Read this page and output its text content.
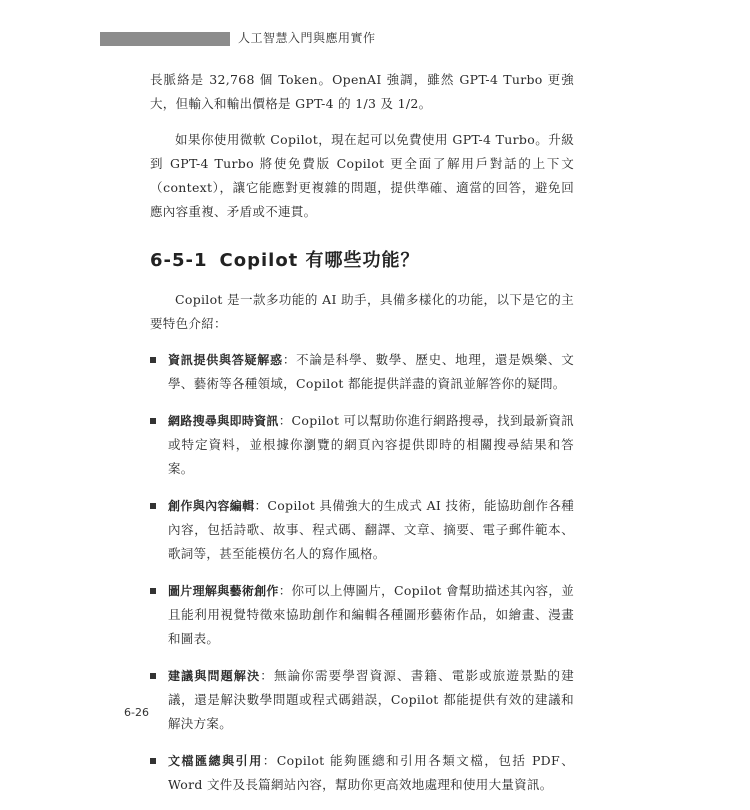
人工智慧入門與應用實作

長脈絡是 32,768 個 Token。OpenAI 強調，雖然 GPT-4 Turbo 更強大，但輸入和輸出價格是 GPT-4 的 1/3 及 1/2。

如果你使用微軟 Copilot，現在起可以免費使用 GPT-4 Turbo。升級到 GPT-4 Turbo 將使免費版 Copilot 更全面了解用戶對話的上下文（context），讓它能應對更複雜的問題，提供準確、適當的回答，避免回應內容重複、矛盾或不連貫。

6-5-1 Copilot 有哪些功能？

Copilot 是一款多功能的 AI 助手，具備多樣化的功能，以下是它的主要特色介紹：

資訊提供與答疑解惑：不論是科學、數學、歷史、地理，還是娛樂、文學、藝術等各種領域，Copilot 都能提供詳盡的資訊並解答你的疑問。
網路搜尋與即時資訊：Copilot 可以幫助你進行網路搜尋，找到最新資訊或特定資料，並根據你瀏覽的網頁內容提供即時的相關搜尋結果和答案。
創作與內容編輯：Copilot 具備強大的生成式 AI 技術，能協助創作各種內容，包括詩歌、故事、程式碼、翻譯、文章、摘要、電子郵件範本、歌詞等，甚至能模仿名人的寫作風格。
圖片理解與藝術創作：你可以上傳圖片，Copilot 會幫助描述其內容，並且能利用視覺特徵來協助創作和編輯各種圖形藝術作品，如繪畫、漫畫和圖表。
建議與問題解決：無論你需要學習資源、書籍、電影或旅遊景點的建議，還是解決數學問題或程式碼錯誤，Copilot 都能提供有效的建議和解決方案。
文檔匯總與引用：Copilot 能夠匯總和引用各類文檔，包括 PDF、Word 文件及長篇網站內容，幫助你更高效地處理和使用大量資訊。
6-26
